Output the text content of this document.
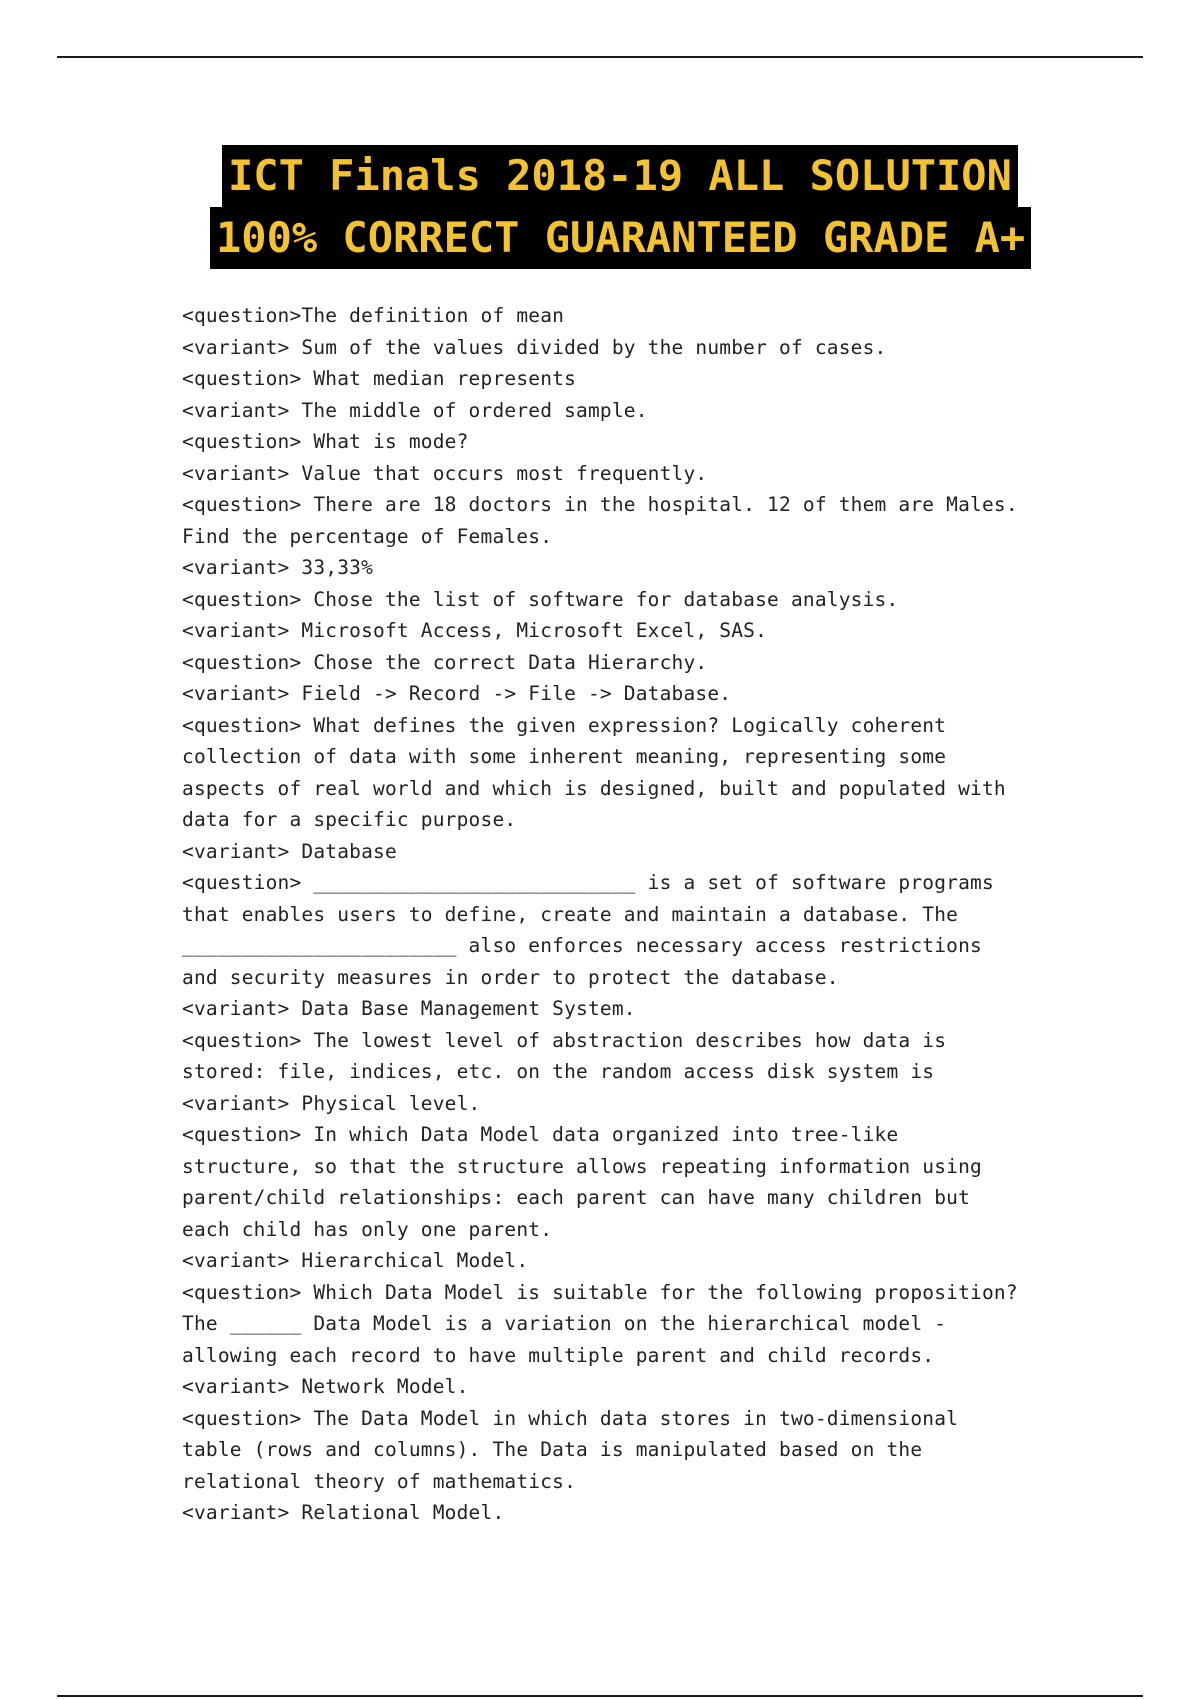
ICT Finals 2018-19 ALL SOLUTION
100% CORRECT GUARANTEED GRADE A+
<question>The definition of mean
<variant> Sum of the values divided by the number of cases.
<question> What median represents
<variant> The middle of ordered sample.
<question> What is mode?
<variant> Value that occurs most frequently.
<question> There are 18 doctors in the hospital. 12 of them are Males.
Find the percentage of Females.
<variant> 33,33%
<question> Chose the list of software for database analysis.
<variant> Microsoft Access, Microsoft Excel, SAS.
<question> Chose the correct Data Hierarchy.
<variant> Field -> Record -> File -> Database.
<question> What defines the given expression? Logically coherent
collection of data with some inherent meaning, representing some
aspects of real world and which is designed, built and populated with
data for a specific purpose.
<variant> Database
<question> ___________________________ is a set of software programs
that enables users to define, create and maintain a database. The
_______________________ also enforces necessary access restrictions
and security measures in order to protect the database.
<variant> Data Base Management System.
<question> The lowest level of abstraction describes how data is
stored: file, indices, etc. on the random access disk system is
<variant> Physical level.
<question> In which Data Model data organized into tree-like
structure, so that the structure allows repeating information using
parent/child relationships: each parent can have many children but
each child has only one parent.
<variant> Hierarchical Model.
<question> Which Data Model is suitable for the following proposition?
The ______ Data Model is a variation on the hierarchical model -
allowing each record to have multiple parent and child records.
<variant> Network Model.
<question> The Data Model in which data stores in two-dimensional
table (rows and columns). The Data is manipulated based on the
relational theory of mathematics.
<variant> Relational Model.
